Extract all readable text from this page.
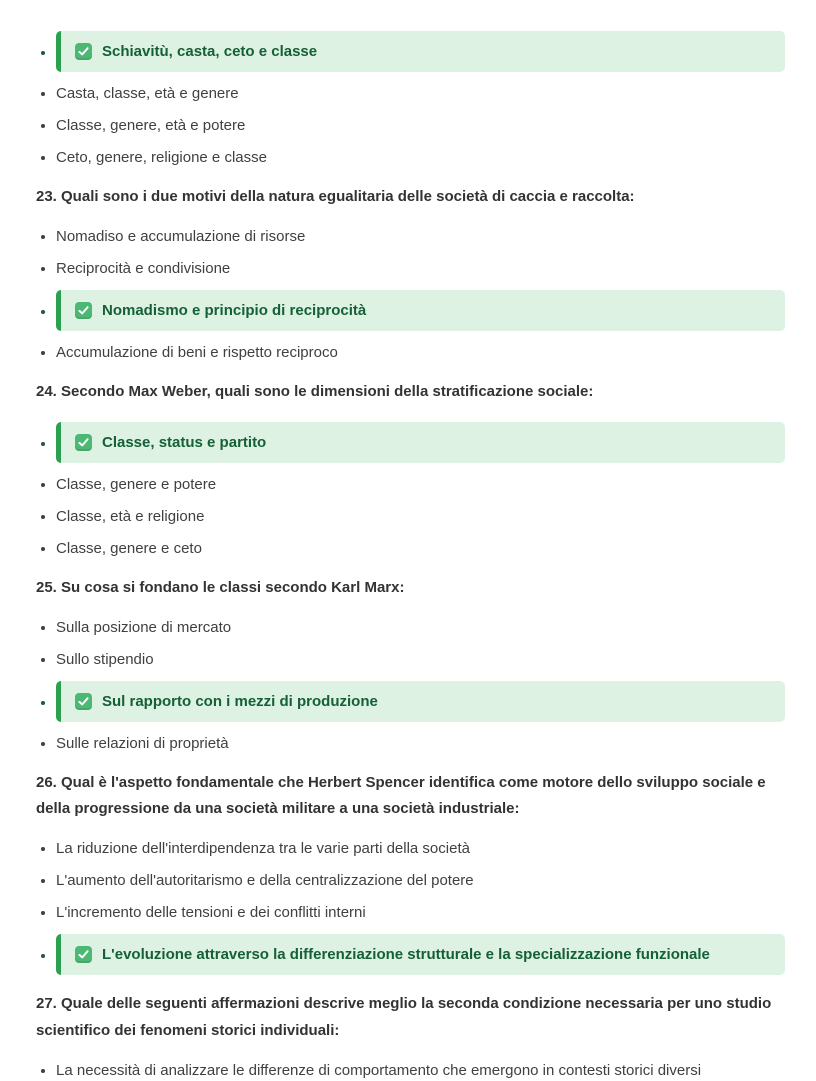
• Schiavitù, casta, ceto e classe
• Casta, classe, età e genere
• Classe, genere, età e potere
• Ceto, genere, religione e classe

23. Quali sono i due motivi della natura egualitaria delle società di caccia e raccolta:

• Nomadiso e accumulazione di risorse
• Reciprocità e condivisione
• Nomadismo e principio di reciprocità
• Accumulazione di beni e rispetto reciproco

24. Secondo Max Weber, quali sono le dimensioni della stratificazione sociale:

• Classe, status e partito
• Classe, genere e potere
• Classe, età e religione
• Classe, genere e ceto

25. Su cosa si fondano le classi secondo Karl Marx:

• Sulla posizione di mercato
• Sullo stipendio
• Sul rapporto con i mezzi di produzione
• Sulle relazioni di proprietà

26. Qual è l'aspetto fondamentale che Herbert Spencer identifica come motore dello sviluppo sociale e della progressione da una società militare a una società industriale:

• La riduzione dell'interdipendenza tra le varie parti della società
• L'aumento dell'autoritarismo e della centralizzazione del potere
• L'incremento delle tensioni e dei conflitti interni
• L'evoluzione attraverso la differenziazione strutturale e la specializzazione funzionale

27. Quale delle seguenti affermazioni descrive meglio la seconda condizione necessaria per uno studio scientifico dei fenomeni storici individuali:

• La necessità di analizzare le differenze di comportamento che emergono in contesti storici diversi
